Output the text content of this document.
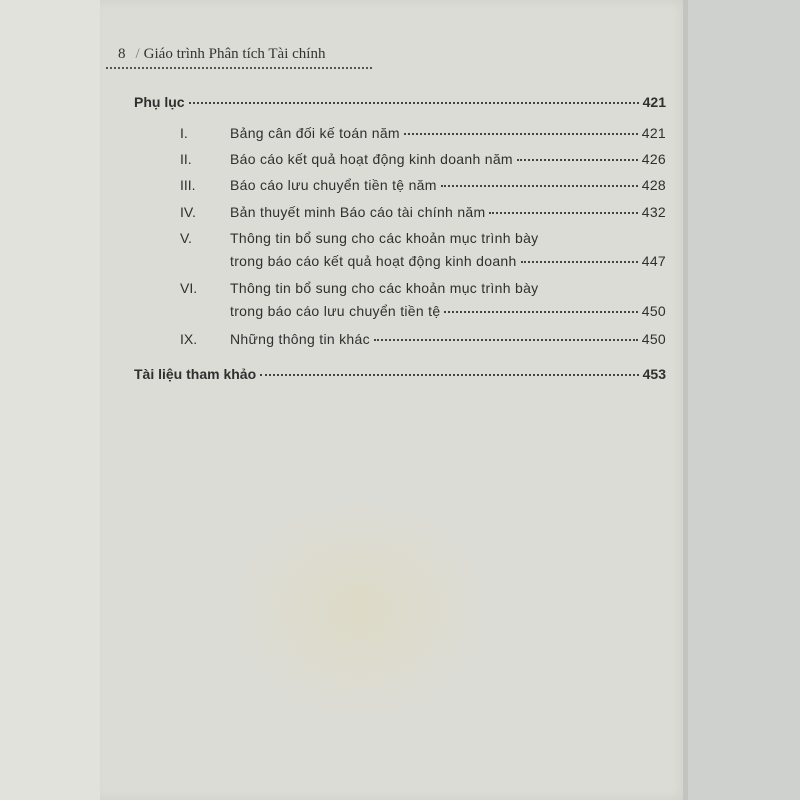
8 / Giáo trình Phân tích Tài chính
Phụ lục	421
I.	Bảng cân đối kế toán năm	421
II.	Báo cáo kết quả hoạt động kinh doanh năm	426
III. Báo cáo lưu chuyển tiền tệ năm	428
IV. Bản thuyết minh Báo cáo tài chính năm	432
V.	Thông tin bổ sung cho các khoản mục trình bày
trong báo cáo kết quả hoạt động kinh doanh	447
VI. Thông tin bổ sung cho các khoản mục trình bày
trong báo cáo lưu chuyển tiền tệ	450
IX. Những thông tin khác	450
Tài liệu tham khảo	453
